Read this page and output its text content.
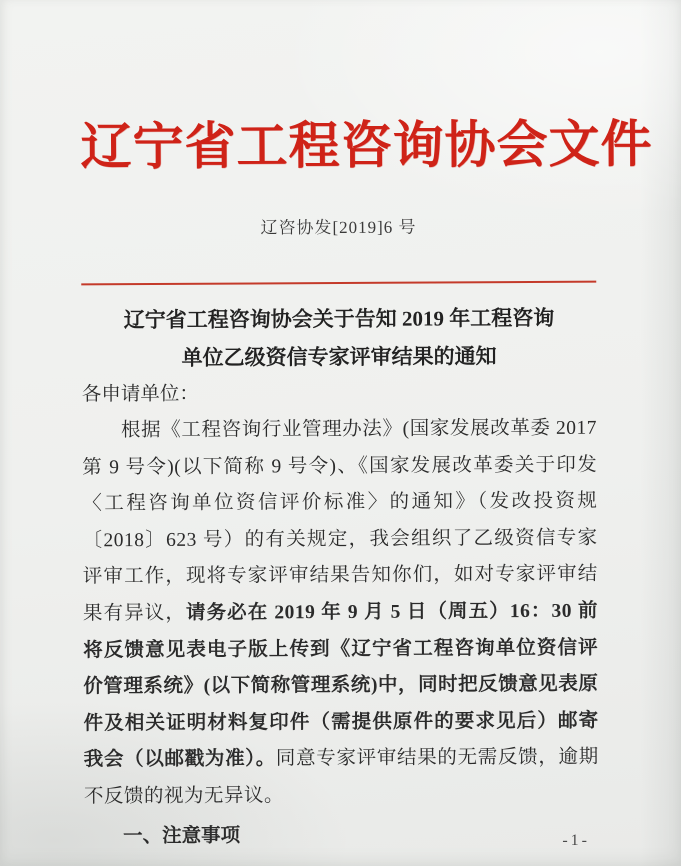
辽宁省工程咨询协会文件
辽咨协发[2019]6 号
辽宁省工程咨询协会关于告知 2019 年工程咨询
单位乙级资信专家评审结果的通知
各申请单位：

根据《工程咨询行业管理办法》(国家发展改革委 2017 第 9 号令)(以下简称 9 号令)、《国家发展改革委关于印发〈工程咨询单位资信评价标准〉的通知》（发改投资规〔2018〕623 号）的有关规定，我会组织了乙级资信专家评审工作，现将专家评审结果告知你们，如对专家评审结果有异议，请务必在 2019 年 9 月 5 日（周五）16：30 前将反馈意见表电子版上传到《辽宁省工程咨询单位资信评价管理系统》(以下简称管理系统)中，同时把反馈意见表原件及相关证明材料复印件（需提供原件的要求见后）邮寄我会（以邮戳为准）。同意专家评审结果的无需反馈，逾期不反馈的视为无异议。

一、注意事项	-1-
